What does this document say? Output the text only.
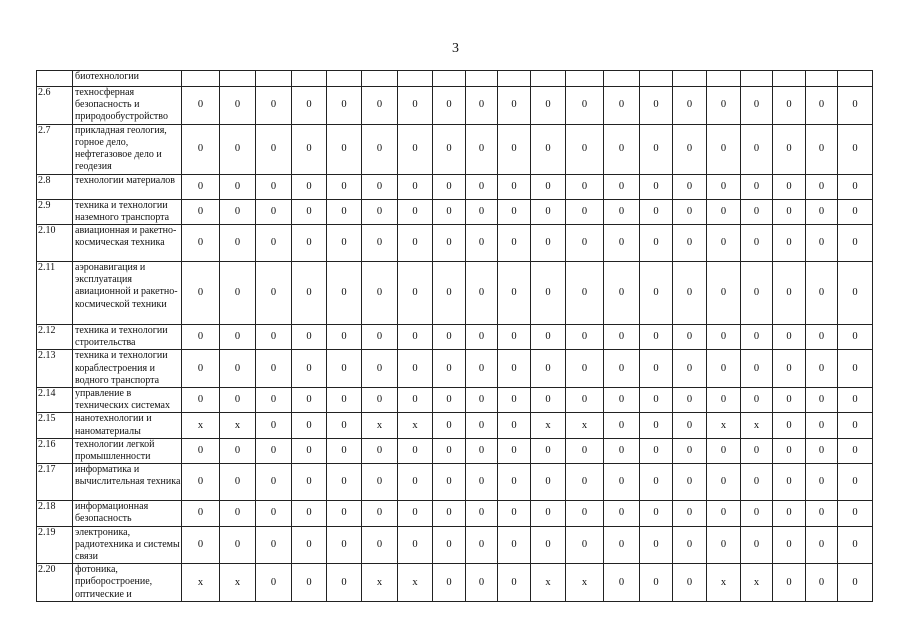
3
	биотехнологии																				
2.6	техносферная безопасность и природообустройство	0	0	0	0	0	0	0	0	0	0	0	0	0	0	0	0	0	0	0	0
2.7	прикладная геология, горное дело, нефтегазовое дело и геодезия	0	0	0	0	0	0	0	0	0	0	0	0	0	0	0	0	0	0	0	0
2.8	технологии материалов	0	0	0	0	0	0	0	0	0	0	0	0	0	0	0	0	0	0	0	0
2.9	техника и технологии наземного транспорта	0	0	0	0	0	0	0	0	0	0	0	0	0	0	0	0	0	0	0	0
2.10	авиационная и ракетно-космическая техника	0	0	0	0	0	0	0	0	0	0	0	0	0	0	0	0	0	0	0	0
2.11	аэронавигация и эксплуатация авиационной и ракетно-космической техники	0	0	0	0	0	0	0	0	0	0	0	0	0	0	0	0	0	0	0	0
2.12	техника и технологии строительства	0	0	0	0	0	0	0	0	0	0	0	0	0	0	0	0	0	0	0	0
2.13	техника и технологии кораблестроения и водного транспорта	0	0	0	0	0	0	0	0	0	0	0	0	0	0	0	0	0	0	0	0
2.14	управление в технических системах	0	0	0	0	0	0	0	0	0	0	0	0	0	0	0	0	0	0	0	0
2.15	нанотехнологии и наноматериалы	x	x	0	0	0	x	x	0	0	0	x	x	0	0	0	x	x	0	0	0
2.16	технологии легкой промышленности	0	0	0	0	0	0	0	0	0	0	0	0	0	0	0	0	0	0	0	0
2.17	информатика и вычислительная техника	0	0	0	0	0	0	0	0	0	0	0	0	0	0	0	0	0	0	0	0
2.18	информационная безопасность	0	0	0	0	0	0	0	0	0	0	0	0	0	0	0	0	0	0	0	0
2.19	электроника, радиотехника и системы связи	0	0	0	0	0	0	0	0	0	0	0	0	0	0	0	0	0	0	0	0
2.20	фотоника, приборостроение, оптические и	x	x	0	0	0	x	x	0	0	0	x	x	0	0	0	x	x	0	0	0
